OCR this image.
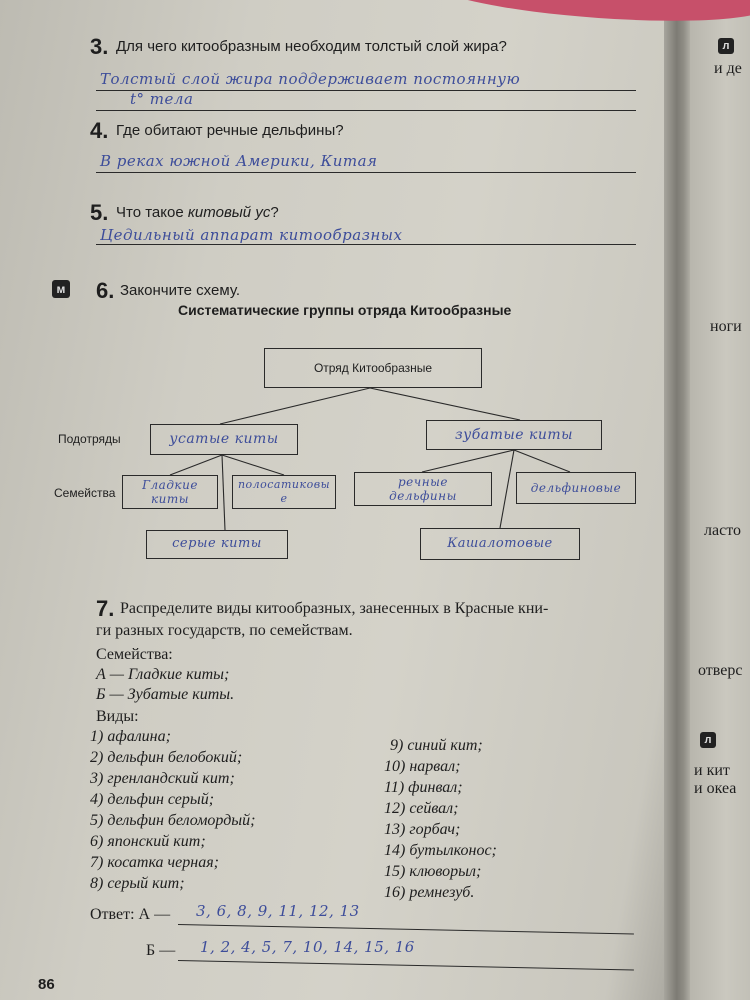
л
и де
ноги
ласто
отверс
л
и кит
и океа
3. Для чего китообразным необходим толстый слой жира?
Толстый слой жира поддерживает постоянную
t° тела
4. Где обитают речные дельфины?
В реках южной Америки, Китая
5. Что такое китовый ус?
Цедильный аппарат китообразных
м 6. Закончите схему.
Систематические группы отряда Китообразные
Отряд Китообразные
Подотряды
Семейства
усатые киты	зубатые киты
Гладкие киты
полосатиковые
серые киты
речные дельфины
дельфиновые
Кашалотовые
7. Распределите виды китообразных, занесенных в Красные кни-
ги разных государств, по семействам.
Семейства:
А — Гладкие киты;
Б — Зубатые киты.
Виды:
1) афалина;
2) дельфин белобокий;
3) гренландский кит;
4) дельфин серый;
5) дельфин беломордый;
6) японский кит;
7) косатка черная;
8) серый кит;
9) синий кит;
10) нарвал;
11) финвал;
12) сейвал;
13) горбач;
14) бутылконос;
15) клюворыл;
16) ремнезуб.
Ответ: А — 3, 6, 8, 9, 11, 12, 13
Б — 1, 2, 4, 5, 7, 10, 14, 15, 16
86
